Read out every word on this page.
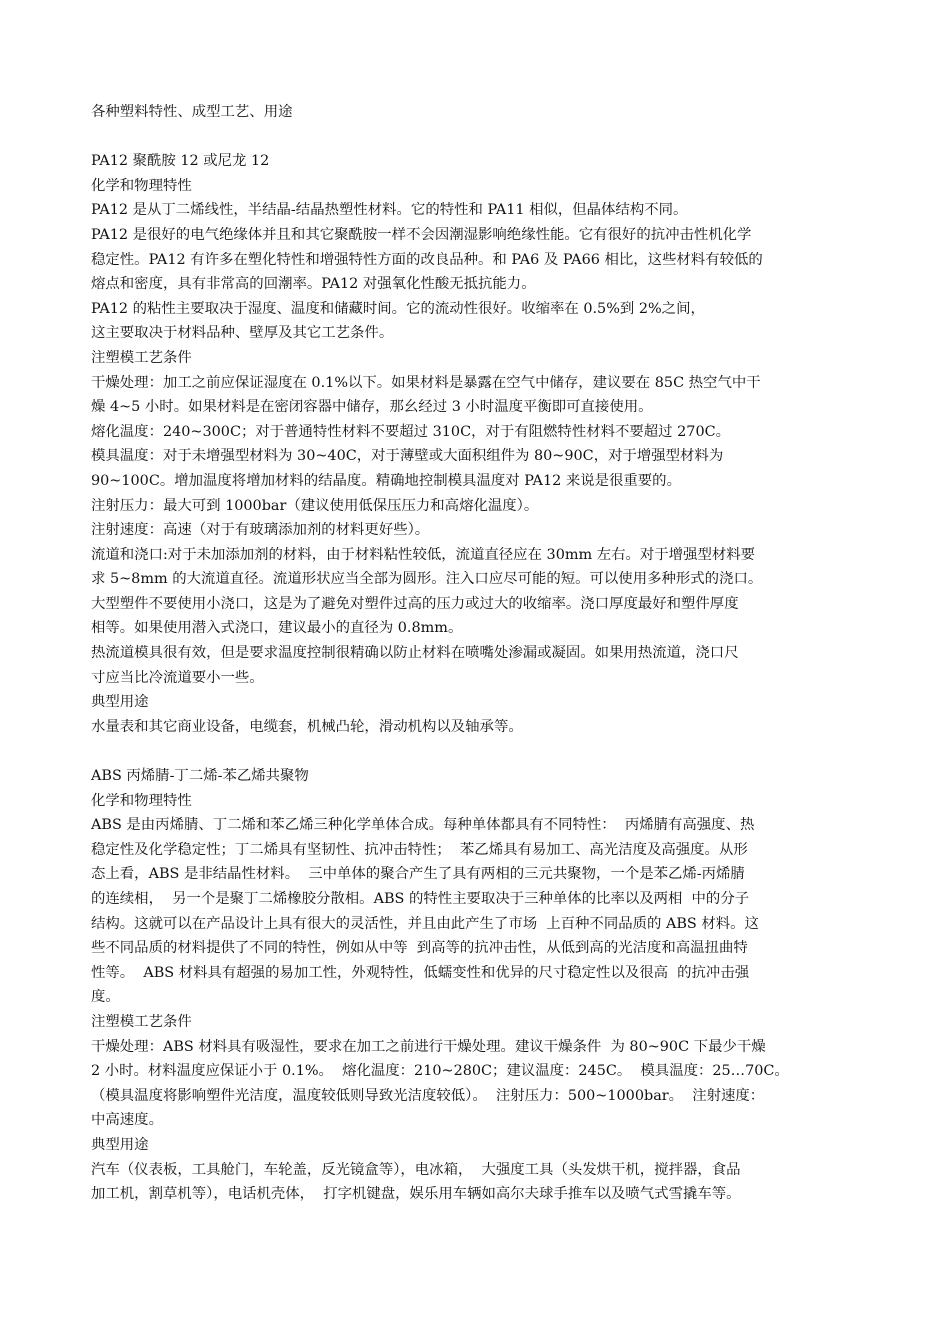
各种塑料特性、成型工艺、用途
PA12 聚酰胺 12 或尼龙 12
化学和物理特性
PA12 是从丁二烯线性，半结晶-结晶热塑性材料。它的特性和 PA11 相似，但晶体结构不同。
PA12 是很好的电气绝缘体并且和其它聚酰胺一样不会因潮湿影响绝缘性能。它有很好的抗冲击性机化学
稳定性。PA12 有许多在塑化特性和增强特性方面的改良品种。和 PA6 及 PA66 相比，这些材料有较低的
熔点和密度，具有非常高的回潮率。PA12 对强氧化性酸无抵抗能力。
PA12 的粘性主要取决于湿度、温度和储藏时间。它的流动性很好。收缩率在 0.5%到 2%之间，
这主要取决于材料品种、壁厚及其它工艺条件。
注塑模工艺条件
干燥处理：加工之前应保证湿度在 0.1%以下。如果材料是暴露在空气中储存，建议要在 85C 热空气中干
燥 4~5 小时。如果材料是在密闭容器中储存，那幺经过 3 小时温度平衡即可直接使用。
熔化温度：240~300C；对于普通特性材料不要超过 310C，对于有阻燃特性材料不要超过 270C。
模具温度：对于未增强型材料为 30~40C，对于薄壁或大面积组件为 80~90C，对于增强型材料为
90~100C。增加温度将增加材料的结晶度。精确地控制模具温度对 PA12 来说是很重要的。
注射压力：最大可到 1000bar（建议使用低保压压力和高熔化温度）。
注射速度：高速（对于有玻璃添加剂的材料更好些）。
流道和浇口:对于未加添加剂的材料，由于材料粘性较低，流道直径应在 30mm 左右。对于增强型材料要
求 5~8mm 的大流道直径。流道形状应当全部为圆形。注入口应尽可能的短。可以使用多种形式的浇口。
大型塑件不要使用小浇口，这是为了避免对塑件过高的压力或过大的收缩率。浇口厚度最好和塑件厚度
相等。如果使用潜入式浇口，建议最小的直径为 0.8mm。
热流道模具很有效，但是要求温度控制很精确以防止材料在喷嘴处渗漏或凝固。如果用热流道，浇口尺
寸应当比冷流道要小一些。
典型用途
水量表和其它商业设备，电缆套，机械凸轮，滑动机构以及轴承等。
ABS 丙烯腈-丁二烯-苯乙烯共聚物
化学和物理特性
ABS 是由丙烯腈、丁二烯和苯乙烯三种化学单体合成。每种单体都具有不同特性：  丙烯腈有高强度、热
稳定性及化学稳定性；丁二烯具有坚韧性、抗冲击特性；  苯乙烯具有易加工、高光洁度及高强度。从形
态上看，ABS 是非结晶性材料。  三中单体的聚合产生了具有两相的三元共聚物，一个是苯乙烯-丙烯腈
的连续相，  另一个是聚丁二烯橡胶分散相。ABS 的特性主要取决于三种单体的比率以及两相  中的分子
结构。这就可以在产品设计上具有很大的灵活性，并且由此产生了市场  上百种不同品质的 ABS 材料。这
些不同品质的材料提供了不同的特性，例如从中等  到高等的抗冲击性，从低到高的光洁度和高温扭曲特
性等。  ABS 材料具有超强的易加工性，外观特性，低蠕变性和优异的尺寸稳定性以及很高  的抗冲击强
度。
注塑模工艺条件
干燥处理：ABS 材料具有吸湿性，要求在加工之前进行干燥处理。建议干燥条件  为 80~90C 下最少干燥
2 小时。材料温度应保证小于 0.1%。  熔化温度：210~280C；建议温度：245C。  模具温度：25…70C。
（模具温度将影响塑件光洁度，温度较低则导致光洁度较低）。  注射压力：500~1000bar。  注射速度：
中高速度。
典型用途
汽车（仪表板，工具舱门，车轮盖，反光镜盒等），电冰箱，  大强度工具（头发烘干机，搅拌器，食品
加工机，割草机等），电话机壳体，  打字机键盘，娱乐用车辆如高尔夫球手推车以及喷气式雪撬车等。
